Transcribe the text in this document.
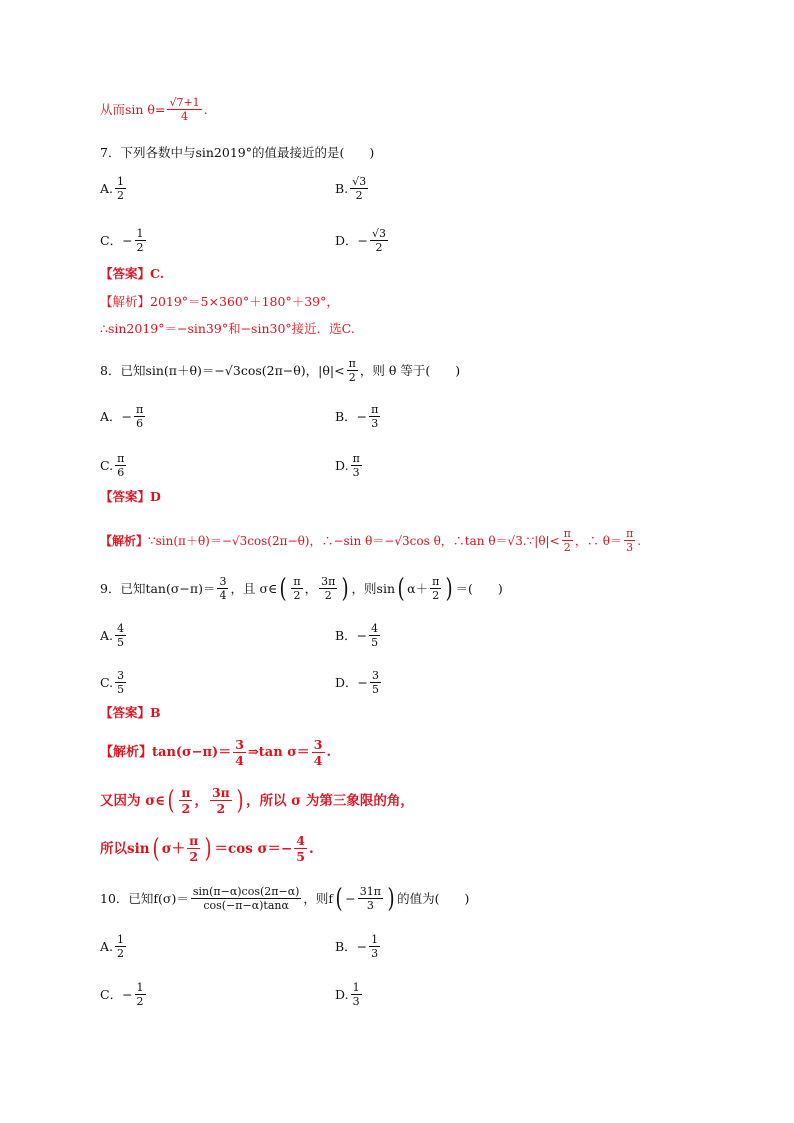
从而$\sin \theta= \frac{√7+1}{4}$ .
7．下列各数中与sin2019°的值最接近的是(　　)
A. $\frac{1}{2}$	B. $\frac{√3}{2}$
C．− $\frac{1}{2}$	D．− $\frac{√3}{2}$
【答案】C.
【解析】2019°＝5×360°＋180°＋39°，
∴sin2019°＝−sin39°和−sin30°接近．选C.
8．已知sin(π＋θ)＝− √3 cos(2π−θ)，$|\theta|< \frac{\pi}{2}$ ，则 θ 等于(　　)
A．− $\frac{\pi}{6}$	B．− $\frac{\pi}{3}$
C. $\frac{\pi}{6}$	D. $\frac{\pi}{3}$
【答案】D
【解析】 ∵sin(π＋θ)＝− √3 cos(2π−θ)，∴−sin θ＝− √3 cos θ，∴tan θ＝ √3 .∵|θ|< $\frac{\pi}{2}$ ，∴ $\theta= \frac{\pi}{3}$ .
9．已知$\tan(\sigma-\pi)= \frac{3}{4}$ ，且 σ∈ ( $\frac{\pi}{2}$ ， $\frac{3\pi}{2}$ ) ，则sin ( $\alpha+ \frac{\pi}{2}$ ) ＝(　　)
A. $\frac{4}{5}$	B．− $\frac{4}{5}$
C. $\frac{3}{5}$	D．− $\frac{3}{5}$
【答案】B
【解析】 $\tan(\sigma-\pi)= \frac{3}{4}$ ⇒tan $\sigma= \frac{3}{4}$ .
又因为 σ∈ ( $\frac{\pi}{2}$ ， $\frac{3\pi}{2}$ ) ，所以 σ 为第三象限的角，
所以 sin ( $\sigma+ \frac{\pi}{2}$ ) ＝cos $\sigma=- \frac{4}{5}$ .
10．已知$f(\sigma)= \frac{\sin(\pi-\alpha)\cos(2\pi-\alpha)}{\cos(-\pi-\alpha)\tan\alpha}$ ，则f ( − $\frac{31\pi}{3}$ ) 的值为(　　)
A. $\frac{1}{2}$	B．− $\frac{1}{3}$
C．− $\frac{1}{2}$	D. $\frac{1}{3}$
